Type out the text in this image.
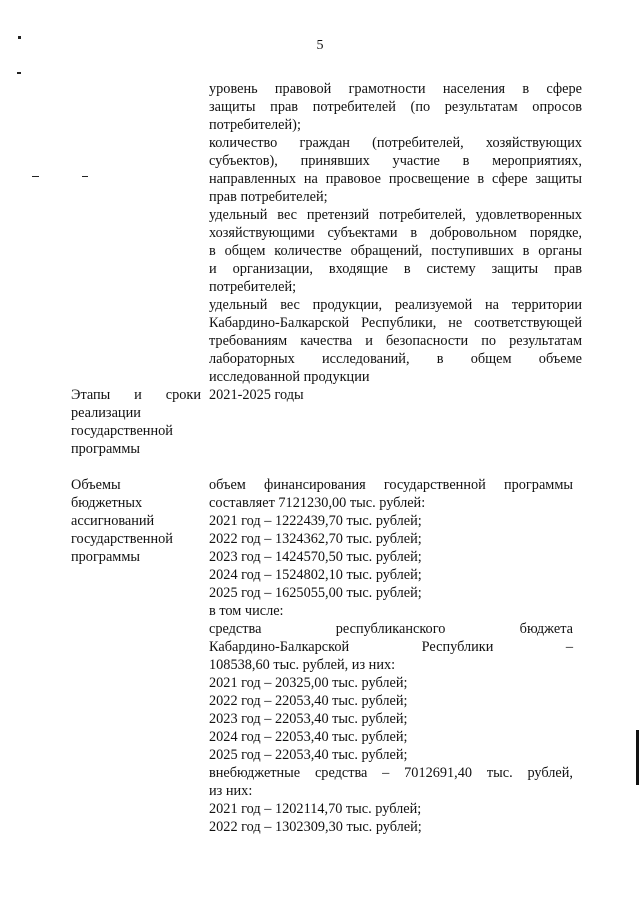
5
уровень правовой грамотности населения в сфере
защиты прав потребителей (по результатам опросов
потребителей);
количество граждан (потребителей, хозяйствующих
субъектов), принявших участие в мероприятиях,
направленных на правовое просвещение в сфере защиты
прав потребителей;
удельный вес претензий потребителей, удовлетворенных
хозяйствующими субъектами в добровольном порядке,
в общем количестве обращений, поступивших в органы
и организации, входящие в систему защиты прав
потребителей;
удельный вес продукции, реализуемой на территории
Кабардино-Балкарской Республики, не соответствующей
требованиям качества и безопасности по результатам
лабораторных исследований, в общем объеме
исследованной продукции
Этапы и сроки
реализации
государственной
программы
2021-2025 годы
Объемы
бюджетных
ассигнований
государственной
программы
объем финансирования государственной программы
составляет 7121230,00 тыс. рублей:
2021 год – 1222439,70 тыс. рублей;
2022 год – 1324362,70 тыс. рублей;
2023 год – 1424570,50 тыс. рублей;
2024 год – 1524802,10 тыс. рублей;
2025 год – 1625055,00 тыс. рублей;
в том числе:
средства республиканского бюджета
Кабардино-Балкарской Республики –
108538,60 тыс. рублей, из них:
2021 год – 20325,00 тыс. рублей;
2022 год – 22053,40 тыс. рублей;
2023 год – 22053,40 тыс. рублей;
2024 год – 22053,40 тыс. рублей;
2025 год – 22053,40 тыс. рублей;
внебюджетные средства – 7012691,40 тыс. рублей,
из них:
2021 год – 1202114,70 тыс. рублей;
2022 год – 1302309,30 тыс. рублей;
